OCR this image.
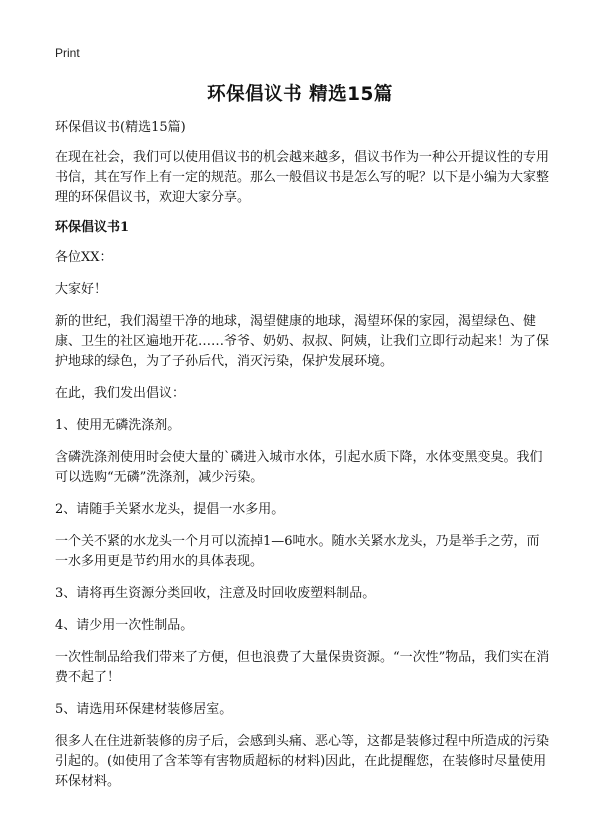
Print
环保倡议书 精选15篇

环保倡议书(精选15篇)

在现在社会，我们可以使用倡议书的机会越来越多，倡议书作为一种公开提议性的专用书信，其在写作上有一定的规范。那么一般倡议书是怎么写的呢？以下是小编为大家整理的环保倡议书，欢迎大家分享。

环保倡议书1

各位XX：

大家好！

新的世纪，我们渴望干净的地球，渴望健康的地球，渴望环保的家园，渴望绿色、健康、卫生的社区遍地开花……爷爷、奶奶、叔叔、阿姨，让我们立即行动起来！为了保护地球的绿色，为了子孙后代，消灭污染，保护发展环境。

在此，我们发出倡议：

1、使用无磷洗涤剂。

含磷洗涤剂使用时会使大量的`磷进入城市水体，引起水质下降，水体变黑变臭。我们可以选购“无磷”洗涤剂，减少污染。

2、请随手关紧水龙头，提倡一水多用。

一个关不紧的水龙头一个月可以流掉1—6吨水。随水关紧水龙头，乃是举手之劳，而一水多用更是节约用水的具体表现。

3、请将再生资源分类回收，注意及时回收废塑料制品。

4、请少用一次性制品。

一次性制品给我们带来了方便，但也浪费了大量保贵资源。“一次性”物品，我们实在消费不起了！

5、请选用环保建材装修居室。

很多人在住进新装修的房子后，会感到头痛、恶心等，这都是装修过程中所造成的污染引起的。(如使用了含苯等有害物质超标的材料)因此，在此提醒您，在装修时尽量使用环保材料。
